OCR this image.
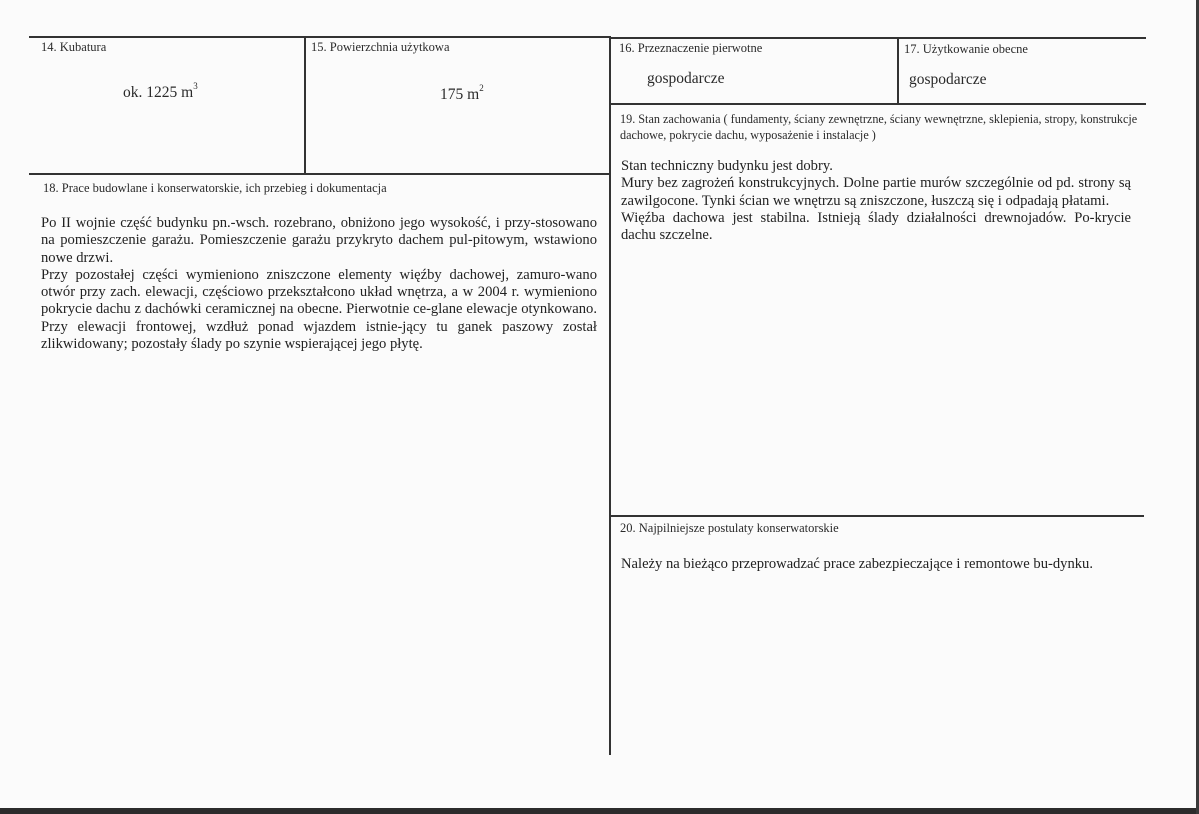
14. Kubatura
ok. 1225 $m^3$
15. Powierzchnia użytkowa
175 $m^2$
16. Przeznaczenie pierwotne
gospodarcze
17. Użytkowanie obecne
gospodarcze
19. Stan zachowania ( fundamenty, ściany zewnętrzne, ściany wewnętrzne, sklepienia, stropy, konstrukcje dachowe, pokrycie dachu, wyposażenie i instalacje )

Stan techniczny budynku jest dobry.

Mury bez zagrożeń konstrukcyjnych. Dolne partie murów szczególnie od pd. strony są zawilgocone. Tynki ścian we wnętrzu są zniszczone, łuszczą się i odpadają płatami.

Więźba dachowa jest stabilna. Istnieją ślady działalności drewnojadów. Po-krycie dachu szczelne.

18. Prace budowlane i konserwatorskie, ich przebieg i dokumentacja

Po II wojnie część budynku pn.-wsch. rozebrano, obniżono jego wysokość, i przy-stosowano na pomieszczenie garażu. Pomieszczenie garażu przykryto dachem pul-pitowym, wstawiono nowe drzwi.

Przy pozostałej części wymieniono zniszczone elementy więźby dachowej, zamuro-wano otwór przy zach. elewacji, częściowo przekształcono układ wnętrza, a w 2004 r. wymieniono pokrycie dachu z dachówki ceramicznej na obecne. Pierwotnie ce-glane elewacje otynkowano. Przy elewacji frontowej, wzdłuż ponad wjazdem istnie-jący tu ganek paszowy został zlikwidowany; pozostały ślady po szynie wspierającej jego płytę.

20. Najpilniejsze postulaty konserwatorskie

Należy na bieżąco przeprowadzać prace zabezpieczające i remontowe bu-dynku.
